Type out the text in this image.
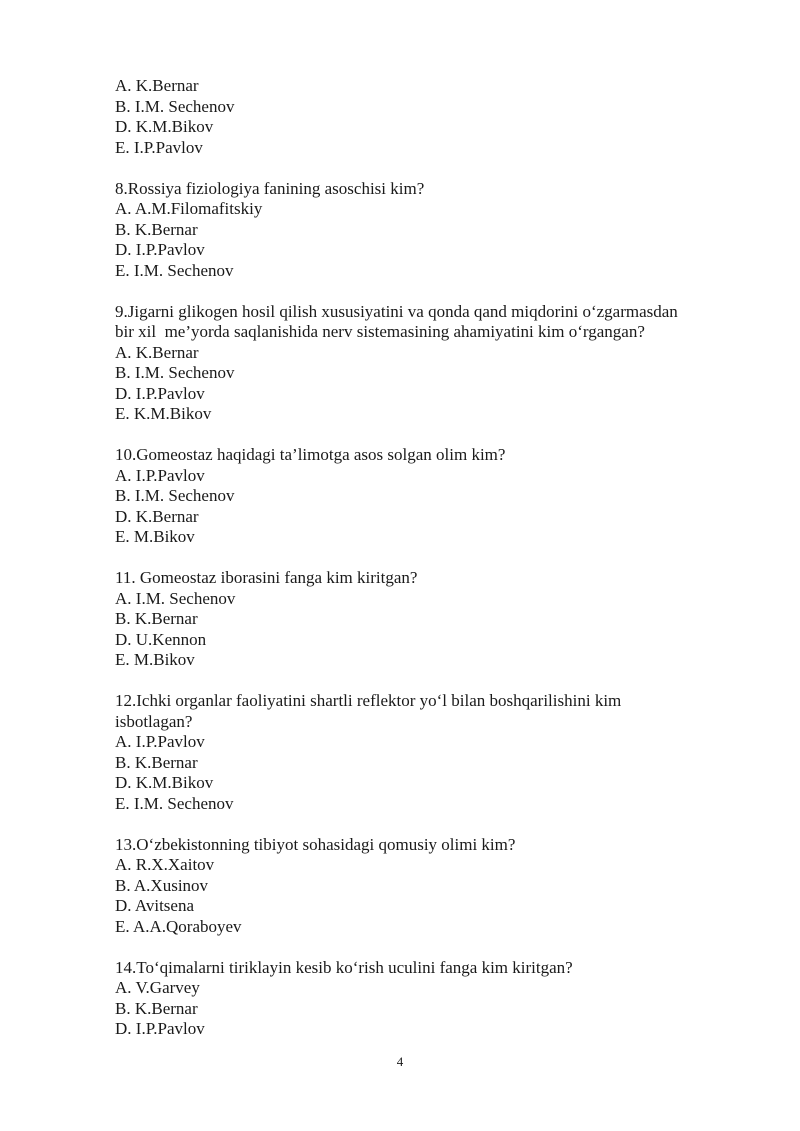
A. K.Bernar
B. I.M. Sechenov
D. K.M.Bikov
E. I.P.Pavlov
8.Rossiya fiziologiya fanining asoschisi kim?
A. A.M.Filomafitskiy
B. K.Bernar
D. I.P.Pavlov
E. I.M. Sechenov
9.Jigarni glikogen hosil qilish xususiyatini va qonda qand miqdorini o‘zgarmasdan
bir xil  me’yorda saqlanishida nerv sistemasining ahamiyatini kim o‘rgangan?
A. K.Bernar
B. I.M. Sechenov
D. I.P.Pavlov
E. K.M.Bikov
10.Gomeostaz haqidagi ta’limotga asos solgan olim kim?
A. I.P.Pavlov
B. I.M. Sechenov
D. K.Bernar
E. M.Bikov
11. Gomeostaz iborasini fanga kim kiritgan?
A. I.M. Sechenov
B. K.Bernar
D. U.Kennon
E. M.Bikov
12.Ichki organlar faoliyatini shartli reflektor yo‘l bilan boshqarilishini kim
isbotlagan?
A. I.P.Pavlov
B. K.Bernar
D. K.M.Bikov
E. I.M. Sechenov
13.O‘zbekistonning tibiyot sohasidagi qomusiy olimi kim?
A. R.X.Xaitov
B. A.Xusinov
D. Avitsena
E. A.A.Qoraboyev
14.To‘qimalarni tiriklayin kesib ko‘rish uculini fanga kim kiritgan?
A. V.Garvey
B. K.Bernar
D. I.P.Pavlov
4
